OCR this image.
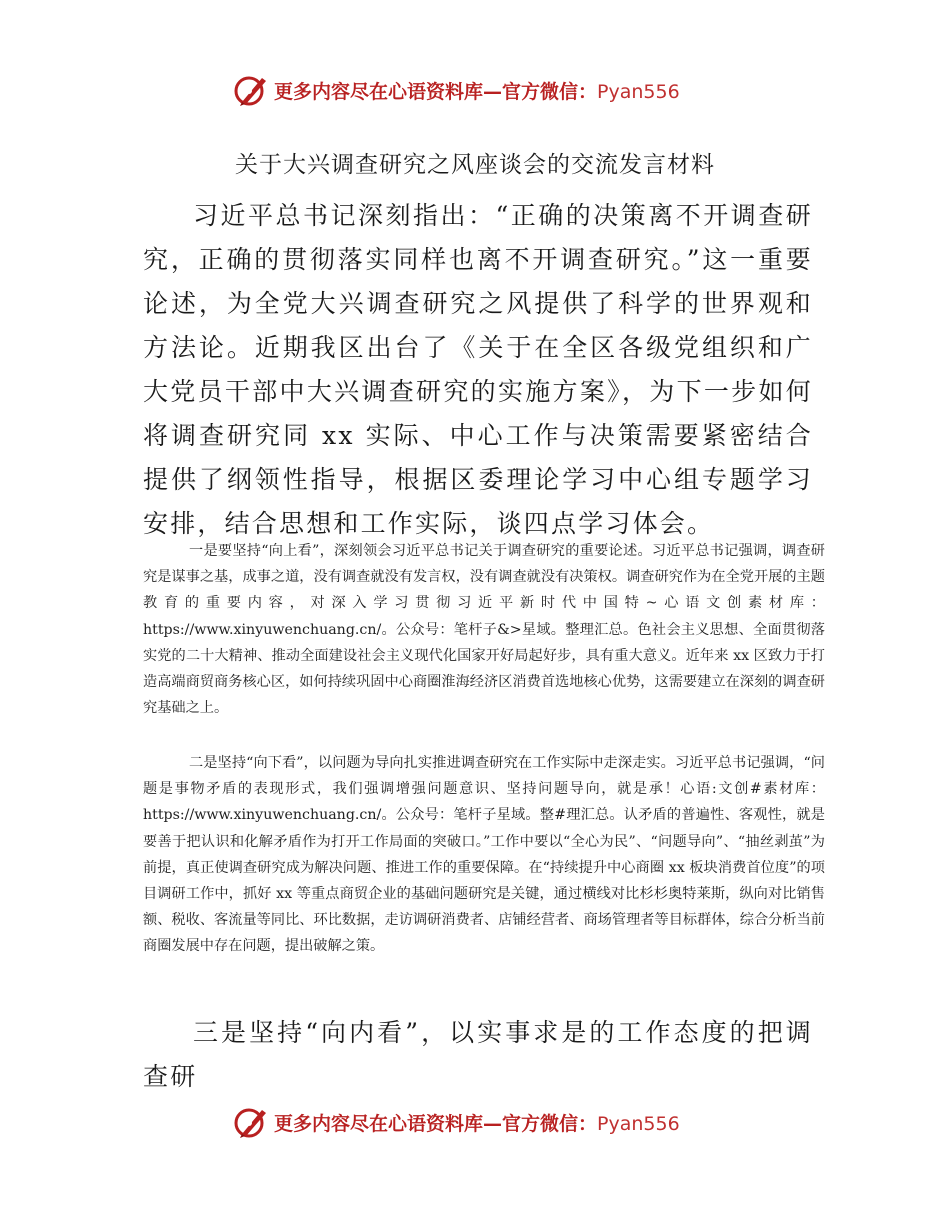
更多内容尽在心语资料库—官方微信：Pyan556
关于大兴调查研究之风座谈会的交流发言材料

习近平总书记深刻指出：“正确的决策离不开调查研究，正确的贯彻落实同样也离不开调查研究。”这一重要论述，为全党大兴调查研究之风提供了科学的世界观和方法论。近期我区出台了《关于在全区各级党组织和广大党员干部中大兴调查研究的实施方案》，为下一步如何将调查研究同 xx 实际、中心工作与决策需要紧密结合提供了纲领性指导，根据区委理论学习中心组专题学习安排，结合思想和工作实际，谈四点学习体会。

一是要坚持“向上看”，深刻领会习近平总书记关于调查研究的重要论述。习近平总书记强调，调查研究是谋事之基，成事之道，没有调查就没有发言权，没有调查就没有决策权。调查研究作为在全党开展的主题教育的重要内容，对深入学习贯彻习近平新时代中国特~心语文创素材库：https://www.xinyuwenchuang.cn/。公众号：笔杆子&>星域。整理汇总。色社会主义思想、全面贯彻落实党的二十大精神、推动全面建设社会主义现代化国家开好局起好步，具有重大意义。近年来 xx 区致力于打造高端商贸商务核心区，如何持续巩固中心商圈淮海经济区消费首选地核心优势，这需要建立在深刻的调查研究基础之上。

二是坚持“向下看”，以问题为导向扎实推进调查研究在工作实际中走深走实。习近平总书记强调，“问题是事物矛盾的表现形式，我们强调增强问题意识、坚持问题导向，就是承！心语:文创#素材库：https://www.xinyuwenchuang.cn/。公众号：笔杆子星域。整#理汇总。认矛盾的普遍性、客观性，就是要善于把认识和化解矛盾作为打开工作局面的突破口。”工作中要以“全心为民”、“问题导向”、“抽丝剥茧”为前提，真正使调查研究成为解决问题、推进工作的重要保障。在“持续提升中心商圈 xx 板块消费首位度”的项目调研工作中，抓好 xx 等重点商贸企业的基础问题研究是关键，通过横线对比杉杉奥特莱斯，纵向对比销售额、税收、客流量等同比、环比数据，走访调研消费者、店铺经营者、商场管理者等目标群体，综合分析当前商圈发展中存在问题，提出破解之策。

三是坚持“向内看”，以实事求是的工作态度的把调查研

更多内容尽在心语资料库—官方微信：Pyan556
